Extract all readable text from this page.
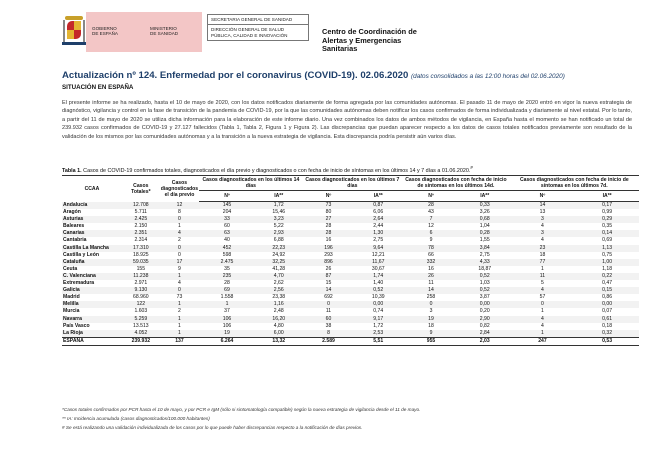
GOBIERNO
DE ESPAÑA
MINISTERIO
DE SANIDAD
SECRETARIA GENERAL DE SANIDAD
DIRECCIÓN GENERAL DE SALUD PÚBLICA, CALIDAD E INNOVACIÓN	Centro de Coordinación de
Alertas y Emergencias
Sanitarias
Actualización nº 124. Enfermedad por el coronavirus (COVID-19). 02.06.2020 (datos consolidados a las 12:00 horas del 02.06.2020)
SITUACIÓN EN ESPAÑA
El presente informe se ha realizado, hasta el 10 de mayo de 2020, con los datos notificados diariamente de forma agregada por las comunidades autónomas. El pasado 11 de mayo de 2020 entró en vigor la nueva estrategia de diagnóstico, vigilancia y control en la fase de transición de la pandemia de COVID-19, por la que las comunidades autónomas deben notificar los casos confirmados de forma individualizada y diariamente al nivel estatal. Por lo tanto, a partir del 11 de mayo de 2020 se utiliza dicha información para la elaboración de este informe diario. Una vez combinados los datos de ambos métodos de vigilancia, en España hasta el momento se han notificado un total de 239.932 casos confirmados de COVID-19 y 27.127 fallecidos (Tabla 1, Tabla 2, Figura 1 y Figura 2). Las discrepancias que puedan aparecer respecto a los datos de casos totales notificados previamente son resultado de la validación de los mismos por las comunidades autónomas y a la transición a la nueva estrategia de vigilancia. Esta discrepancia podría persistir aún varios días.
Tabla 1. Casos de COVID-19 confirmados totales, diagnosticados el día previo y diagnosticados o con fecha de inicio de síntomas en los últimos 14 y 7 días a 01.06.2020.#
CCAA	Casos Totales*	Casos diagnosticados el día previo	Casos diagnosticados en los últimos 14 días		Casos diagnosticados en los últimos 7 días		Casos diagnosticados con fecha de inicio de síntomas en los últimos 14d.		Casos diagnosticados con fecha de inicio de síntomas en los últimos 7d.	
			Nº	IA**	Nº	IA**	Nº	IA**	Nº	IA**
Andalucía	12.708	12	145	1,72	73	0,87	28	0,33	14	0,17
Aragón	5.711	8	204	15,46	80	6,06	43	3,26	13	0,99
Asturias	2.425	0	33	3,23	27	2,64	7	0,68	3	0,29
Baleares	2.150	1	60	5,22	28	2,44	12	1,04	4	0,35
Canarias	2.351	4	63	2,93	28	1,30	6	0,28	3	0,14
Cantabria	2.314	2	40	6,88	16	2,75	9	1,55	4	0,69
Castilla La Mancha	17.310	0	452	22,23	196	9,64	78	3,84	23	1,13
Castilla y León	18.925	0	598	24,92	293	12,21	66	2,75	18	0,75
Cataluña	59.035	17	2.475	32,25	896	11,67	332	4,33	77	1,00
Ceuta	155	9	35	41,28	26	30,67	16	18,87	1	1,18
C. Valenciana	11.238	1	235	4,70	87	1,74	26	0,52	11	0,22
Extremadura	2.971	4	28	2,62	15	1,40	11	1,03	5	0,47
Galicia	9.130	0	69	2,56	14	0,52	14	0,52	4	0,15
Madrid	68.960	73	1.558	23,38	692	10,39	258	3,87	57	0,86
Melilla	122	1	1	1,16	0	0,00	0	0,00	0	0,00
Murcia	1.603	2	37	2,48	11	0,74	3	0,20	1	0,07
Navarra	5.259	1	106	16,20	60	9,17	19	2,90	4	0,61
País Vasco	13.513	1	106	4,80	38	1,72	18	0,82	4	0,18
La Rioja	4.052	1	19	6,00	8	2,53	9	2,84	1	0,32
ESPAÑA	239.932	137	6.264	13,32	2.589	5,51	955	2,03	247	0,53
*Casos totales confirmados por PCR hasta el 10 de mayo, y por PCR e IgM (sólo si sintomatología compatible) según la nueva estrategia de vigilancia desde el 11 de mayo.
** IA: Incidencia acumulada (casos diagnosticados/100.000 habitantes)
# Se está realizando una validación individualizada de los casos por lo que puede haber discrepancias respecto a la notificación de días previos.
